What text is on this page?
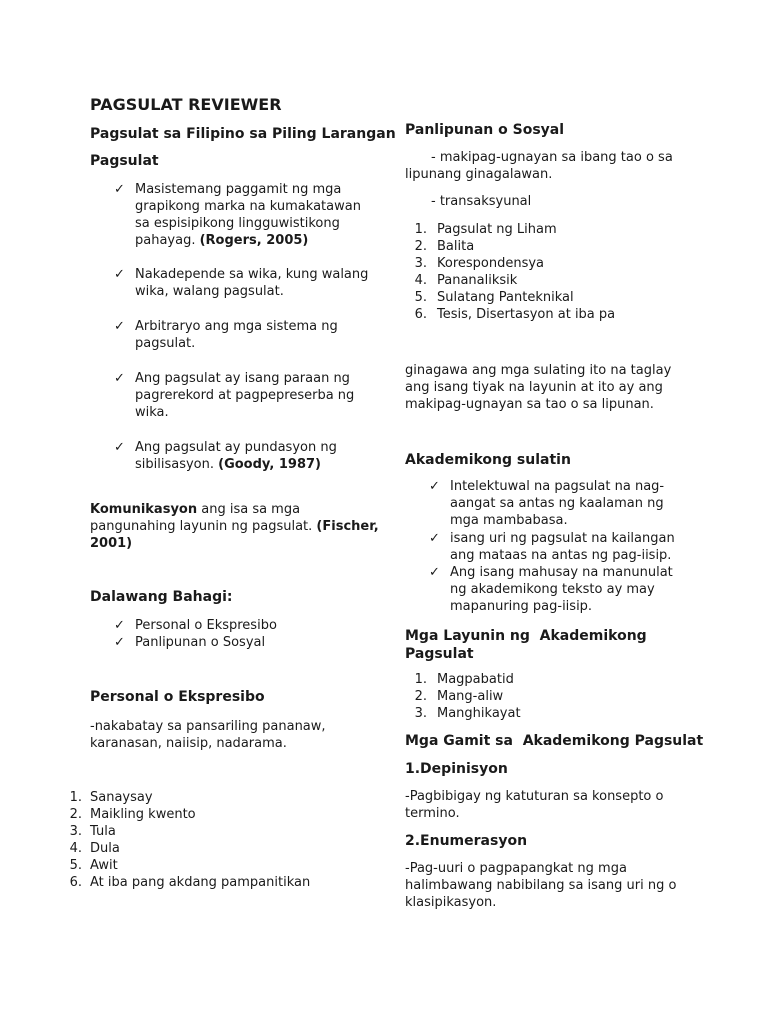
PAGSULAT REVIEWER
Pagsulat sa Filipino sa Piling Larangan
Pagsulat
✓ Masistemang paggamit ng mga
grapikong marka na kumakatawan
sa espisipikong lingguwistikong
pahayag. (Rogers, 2005)
✓ Nakadepende sa wika, kung walang
wika, walang pagsulat.
✓ Arbitraryo ang mga sistema ng
pagsulat.
✓ Ang pagsulat ay isang paraan ng
pagrerekord at pagpepreserba ng
wika.
✓ Ang pagsulat ay pundasyon ng
sibilisasyon. (Goody, 1987)
Komunikasyon ang isa sa mga
pangunahing layunin ng pagsulat. (Fischer,
2001)
Dalawang Bahagi:
✓ Personal o Ekspresibo
✓ Panlipunan o Sosyal
Personal o Ekspresibo
-nakabatay sa pansariling pananaw,
karanasan, naiisip, nadarama.
1. Sanaysay
2. Maikling kwento
3. Tula
4. Dula
5. Awit
6. At iba pang akdang pampanitikan
Panlipunan o Sosyal
- makipag-ugnayan sa ibang tao o sa
lipunang ginagalawan.
- transaksyunal
1. Pagsulat ng Liham
2. Balita
3. Korespondensya
4. Pananaliksik
5. Sulatang Panteknikal
6. Tesis, Disertasyon at iba pa
ginagawa ang mga sulating ito na taglay
ang isang tiyak na layunin at ito ay ang
makipag-ugnayan sa tao o sa lipunan.
Akademikong sulatin
✓ Intelektuwal na pagsulat na nag-
aangat sa antas ng kaalaman ng
mga mambabasa.
✓ isang uri ng pagsulat na kailangan
ang mataas na antas ng pag-iisip.
✓ Ang isang mahusay na manunulat
ng akademikong teksto ay may
mapanuring pag-iisip.
Mga Layunin ng  Akademikong
Pagsulat
1. Magpabatid
2. Mang-aliw
3. Manghikayat
Mga Gamit sa  Akademikong Pagsulat
1.Depinisyon
-Pagbibigay ng katuturan sa konsepto o
termino.
2.Enumerasyon
-Pag-uuri o pagpapangkat ng mga
halimbawang nabibilang sa isang uri ng o
klasipikasyon.
